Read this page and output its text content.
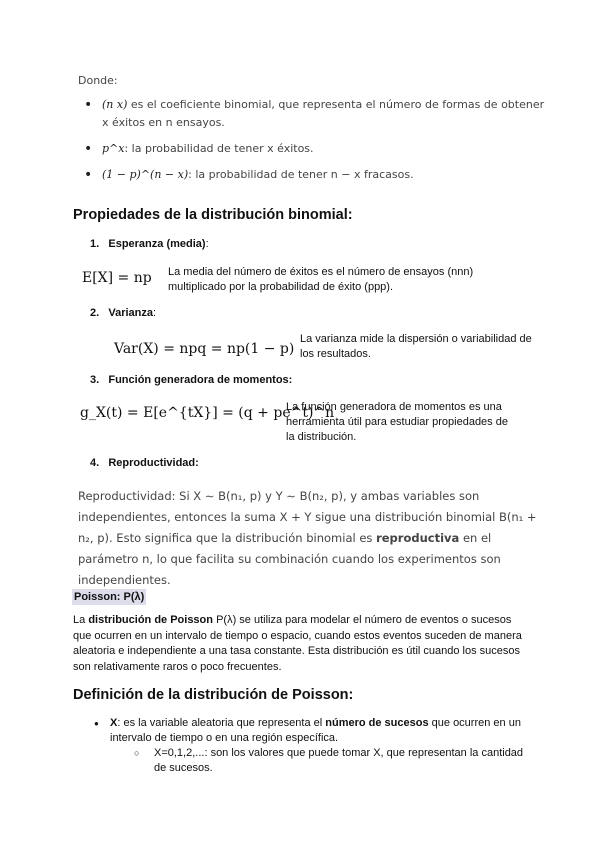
Donde:
• (n x) es el coeficiente binomial, que representa el número de formas de obtener x éxitos en n ensayos.
• p^x: la probabilidad de tener x éxitos.
• (1 − p)^(n − x): la probabilidad de tener n − x fracasos.
Propiedades de la distribución binomial:
1. Esperanza (media):
E[X] = np La media del número de éxitos es el número de ensayos (nnn) multiplicado por la probabilidad de éxito (ppp).
2. Varianza:
Var(X) = npq = np(1 − p)
La varianza mide la dispersión o variabilidad de los resultados.
3. Función generadora de momentos:
g_X(t) = E[e^{tX}] = (q + pe^t)^n
La función generadora de momentos es una herramienta útil para estudiar propiedades de la distribución.
4. Reproductividad:
Reproductividad: Si X ∼ B(n₁, p) y Y ∼ B(n₂, p), y ambas variables son independientes, entonces la suma X + Y sigue una distribución binomial B(n₁ + n₂, p). Esto significa que la distribución binomial es reproductiva en el parámetro n, lo que facilita su combinación cuando los experimentos son independientes.
Poisson: P(λ)
La distribución de Poisson P(λ) se utiliza para modelar el número de eventos o sucesos que ocurren en un intervalo de tiempo o espacio, cuando estos eventos suceden de manera aleatoria e independiente a una tasa constante. Esta distribución es útil cuando los sucesos son relativamente raros o poco frecuentes.
Definición de la distribución de Poisson:
● X: es la variable aleatoria que representa el número de sucesos que ocurren en un intervalo de tiempo o en una región específica.
○ X=0,1,2,...: son los valores que puede tomar X, que representan la cantidad de sucesos.
